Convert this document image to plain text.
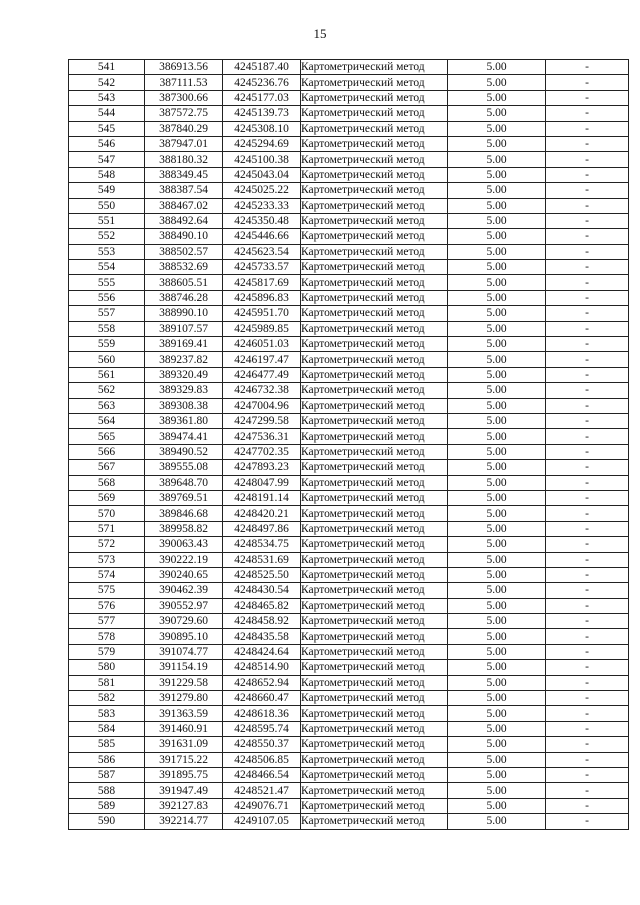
15
541	386913.56	4245187.40	Картометрический метод	5.00	-
542	387111.53	4245236.76	Картометрический метод	5.00	-
543	387300.66	4245177.03	Картометрический метод	5.00	-
544	387572.75	4245139.73	Картометрический метод	5.00	-
545	387840.29	4245308.10	Картометрический метод	5.00	-
546	387947.01	4245294.69	Картометрический метод	5.00	-
547	388180.32	4245100.38	Картометрический метод	5.00	-
548	388349.45	4245043.04	Картометрический метод	5.00	-
549	388387.54	4245025.22	Картометрический метод	5.00	-
550	388467.02	4245233.33	Картометрический метод	5.00	-
551	388492.64	4245350.48	Картометрический метод	5.00	-
552	388490.10	4245446.66	Картометрический метод	5.00	-
553	388502.57	4245623.54	Картометрический метод	5.00	-
554	388532.69	4245733.57	Картометрический метод	5.00	-
555	388605.51	4245817.69	Картометрический метод	5.00	-
556	388746.28	4245896.83	Картометрический метод	5.00	-
557	388990.10	4245951.70	Картометрический метод	5.00	-
558	389107.57	4245989.85	Картометрический метод	5.00	-
559	389169.41	4246051.03	Картометрический метод	5.00	-
560	389237.82	4246197.47	Картометрический метод	5.00	-
561	389320.49	4246477.49	Картометрический метод	5.00	-
562	389329.83	4246732.38	Картометрический метод	5.00	-
563	389308.38	4247004.96	Картометрический метод	5.00	-
564	389361.80	4247299.58	Картометрический метод	5.00	-
565	389474.41	4247536.31	Картометрический метод	5.00	-
566	389490.52	4247702.35	Картометрический метод	5.00	-
567	389555.08	4247893.23	Картометрический метод	5.00	-
568	389648.70	4248047.99	Картометрический метод	5.00	-
569	389769.51	4248191.14	Картометрический метод	5.00	-
570	389846.68	4248420.21	Картометрический метод	5.00	-
571	389958.82	4248497.86	Картометрический метод	5.00	-
572	390063.43	4248534.75	Картометрический метод	5.00	-
573	390222.19	4248531.69	Картометрический метод	5.00	-
574	390240.65	4248525.50	Картометрический метод	5.00	-
575	390462.39	4248430.54	Картометрический метод	5.00	-
576	390552.97	4248465.82	Картометрический метод	5.00	-
577	390729.60	4248458.92	Картометрический метод	5.00	-
578	390895.10	4248435.58	Картометрический метод	5.00	-
579	391074.77	4248424.64	Картометрический метод	5.00	-
580	391154.19	4248514.90	Картометрический метод	5.00	-
581	391229.58	4248652.94	Картометрический метод	5.00	-
582	391279.80	4248660.47	Картометрический метод	5.00	-
583	391363.59	4248618.36	Картометрический метод	5.00	-
584	391460.91	4248595.74	Картометрический метод	5.00	-
585	391631.09	4248550.37	Картометрический метод	5.00	-
586	391715.22	4248506.85	Картометрический метод	5.00	-
587	391895.75	4248466.54	Картометрический метод	5.00	-
588	391947.49	4248521.47	Картометрический метод	5.00	-
589	392127.83	4249076.71	Картометрический метод	5.00	-
590	392214.77	4249107.05	Картометрический метод	5.00	-
